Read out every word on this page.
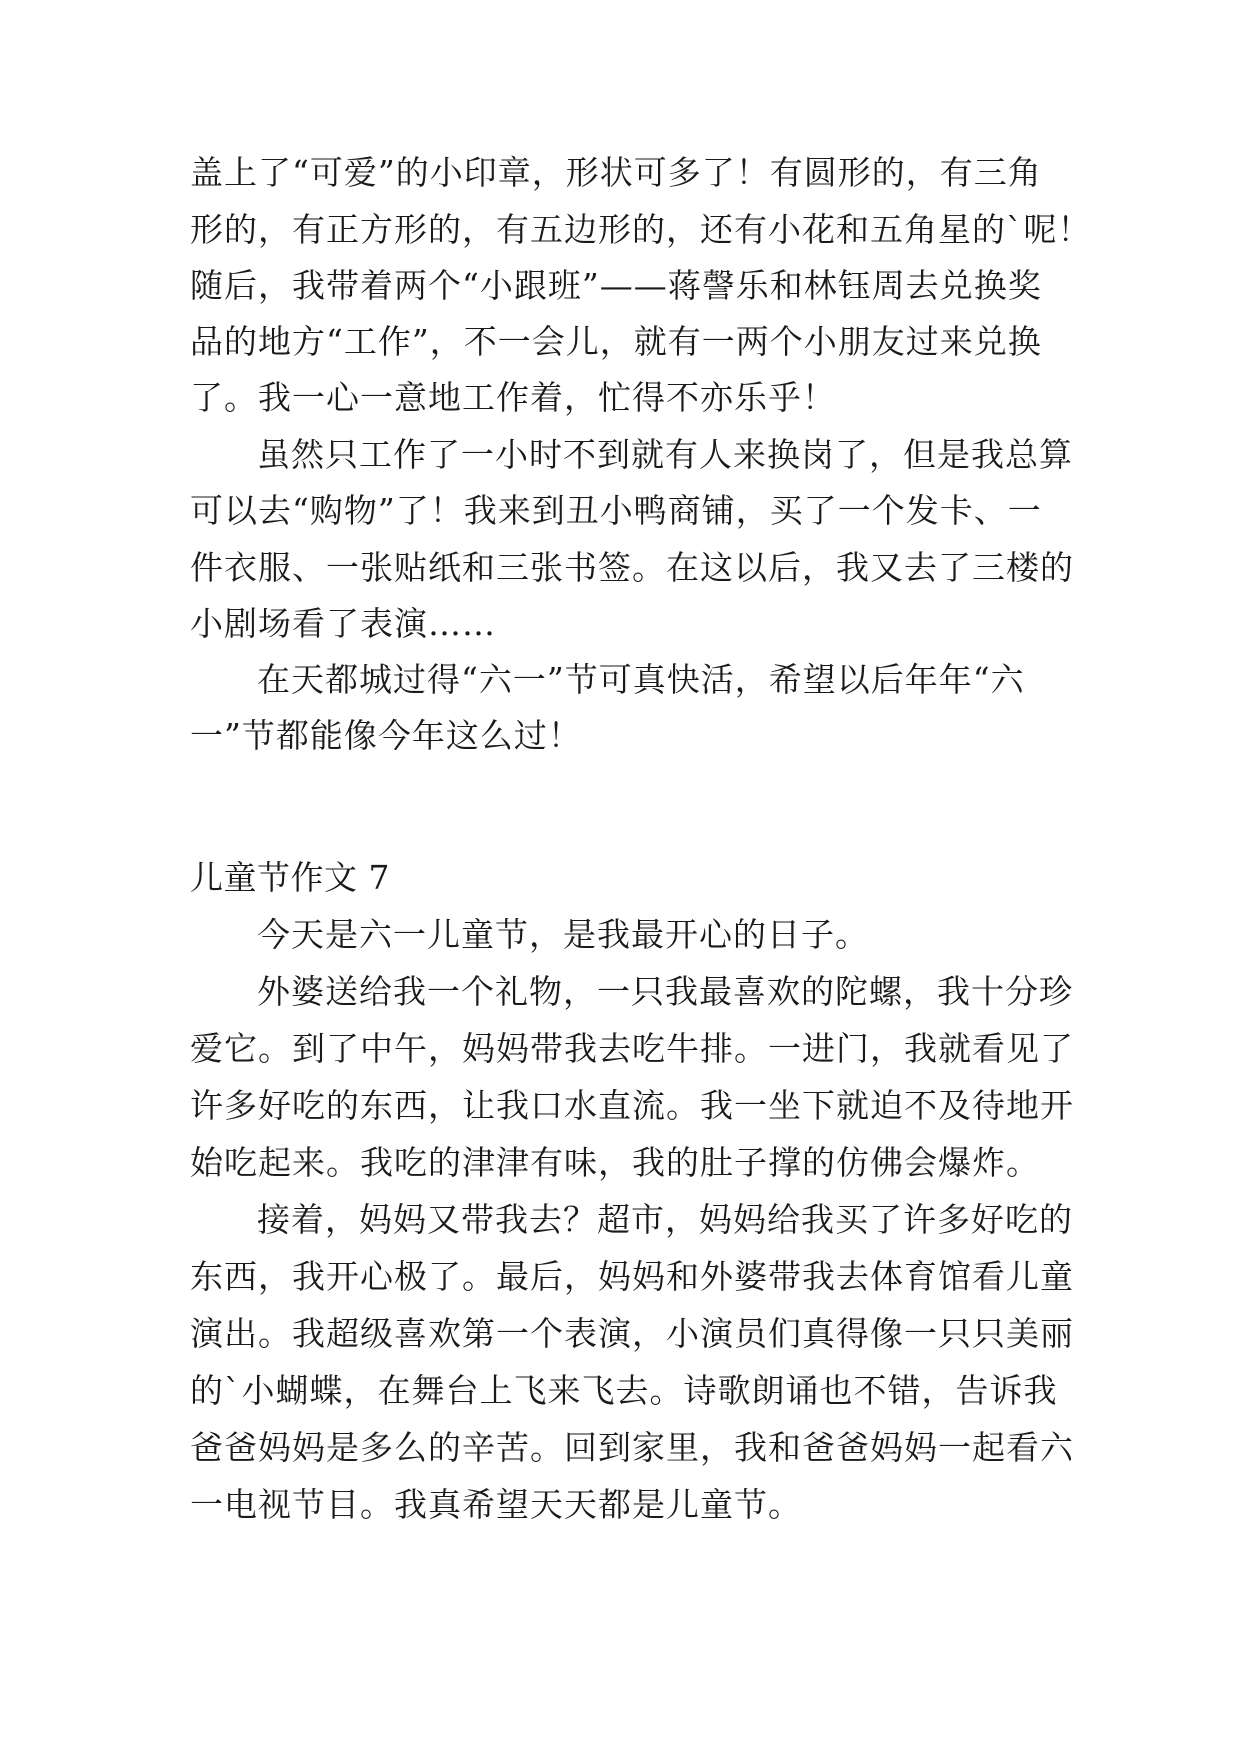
盖上了“可爱”的小印章，形状可多了！有圆形的，有三角
形的，有正方形的，有五边形的，还有小花和五角星的`呢！
随后，我带着两个“小跟班”——蒋謦乐和林钰周去兑换奖
品的地方“工作”，不一会儿，就有一两个小朋友过来兑换
了。我一心一意地工作着，忙得不亦乐乎！
虽然只工作了一小时不到就有人来换岗了，但是我总算
可以去“购物”了！我来到丑小鸭商铺，买了一个发卡、一
件衣服、一张贴纸和三张书签。在这以后，我又去了三楼的
小剧场看了表演……
在天都城过得“六一”节可真快活，希望以后年年“六
一”节都能像今年这么过！
儿童节作文 7
今天是六一儿童节，是我最开心的日子。
外婆送给我一个礼物，一只我最喜欢的陀螺，我十分珍
爱它。到了中午，妈妈带我去吃牛排。一进门，我就看见了
许多好吃的东西，让我口水直流。我一坐下就迫不及待地开
始吃起来。我吃的津津有味，我的肚子撑的仿佛会爆炸。
接着，妈妈又带我去？超市，妈妈给我买了许多好吃的
东西，我开心极了。最后，妈妈和外婆带我去体育馆看儿童
演出。我超级喜欢第一个表演，小演员们真得像一只只美丽
的`小蝴蝶，在舞台上飞来飞去。诗歌朗诵也不错，告诉我
爸爸妈妈是多么的辛苦。回到家里，我和爸爸妈妈一起看六
一电视节目。我真希望天天都是儿童节。
